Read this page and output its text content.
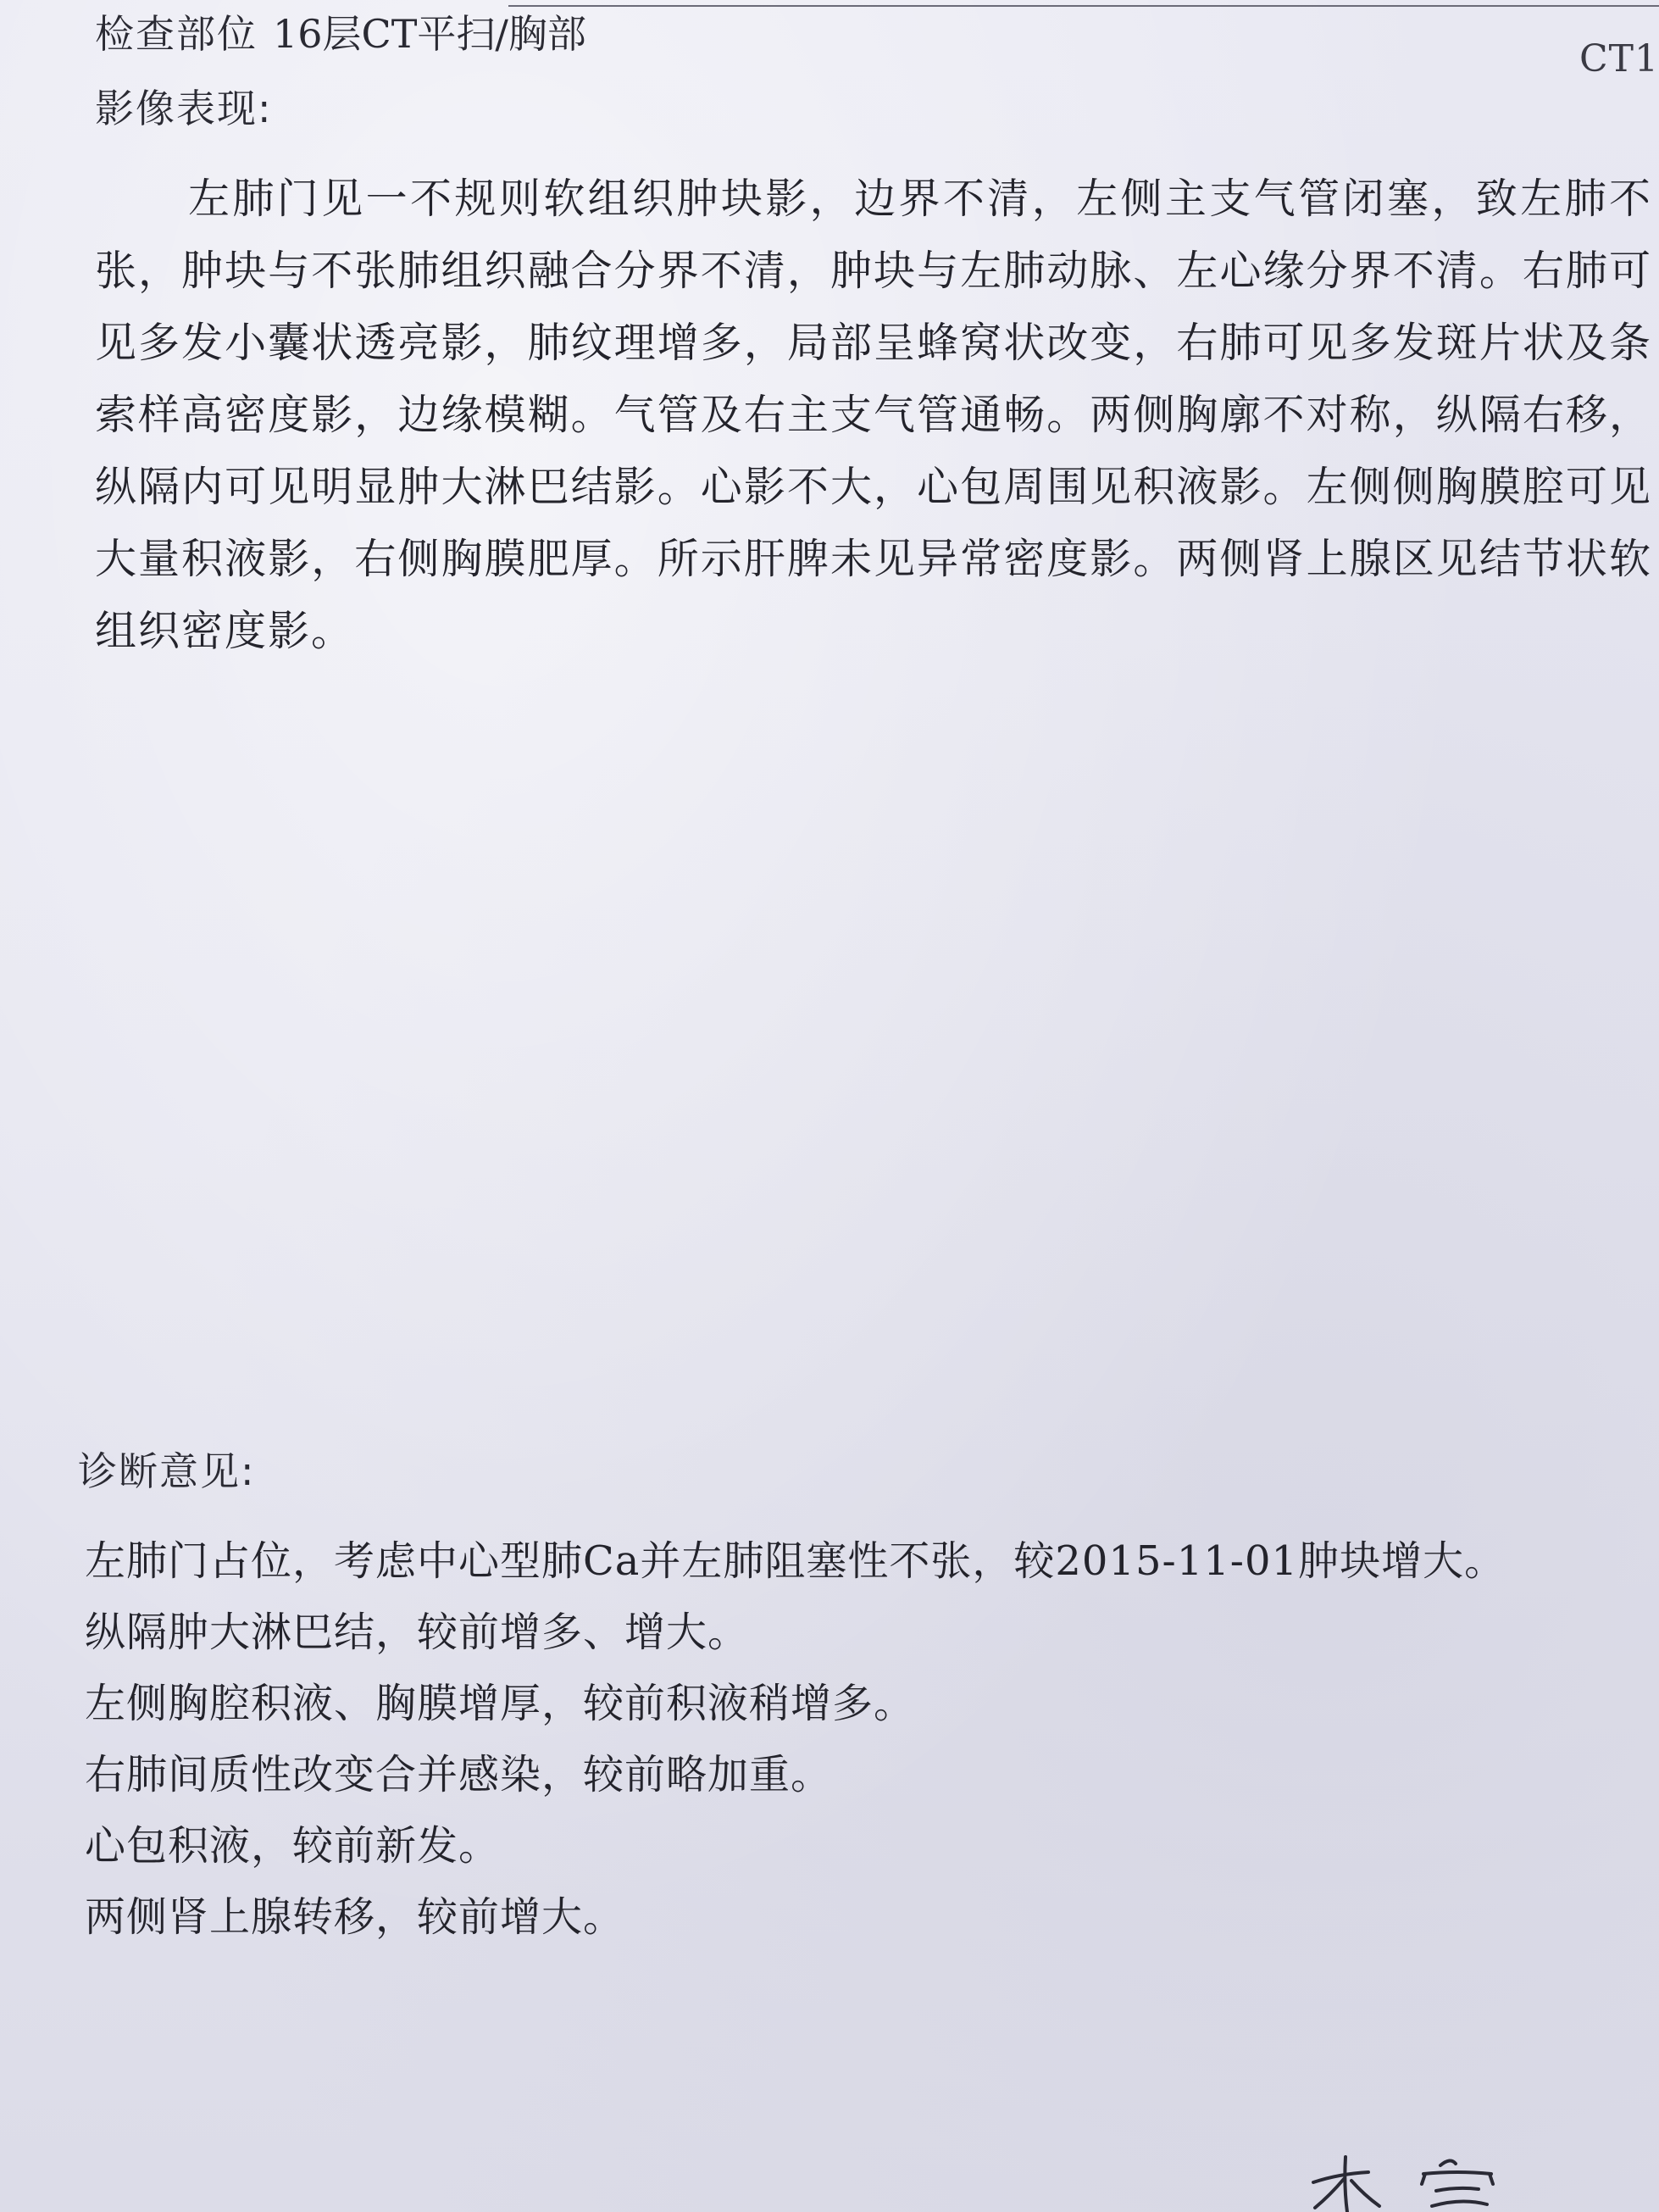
检查部位 16层CT平扫/胸部
CT1
影像表现:

左肺门见一不规则软组织肿块影，边界不清，左侧主支气管闭塞，致左肺不张，肿块与不张肺组织融合分界不清，肿块与左肺动脉、左心缘分界不清。右肺可见多发小囊状透亮影，肺纹理增多，局部呈蜂窝状改变，右肺可见多发斑片状及条索样高密度影，边缘模糊。气管及右主支气管通畅。两侧胸廓不对称，纵隔右移，纵隔内可见明显肿大淋巴结影。心影不大，心包周围见积液影。左侧侧胸膜腔可见大量积液影，右侧胸膜肥厚。所示肝脾未见异常密度影。两侧肾上腺区见结节状软组织密度影。

诊断意见:
左肺门占位，考虑中心型肺Ca并左肺阻塞性不张，较2015-11-01肿块增大。
纵隔肿大淋巴结，较前增多、增大。
左侧胸腔积液、胸膜增厚，较前积液稍增多。
右肺间质性改变合并感染，较前略加重。
心包积液，较前新发。
两侧肾上腺转移，较前增大。
